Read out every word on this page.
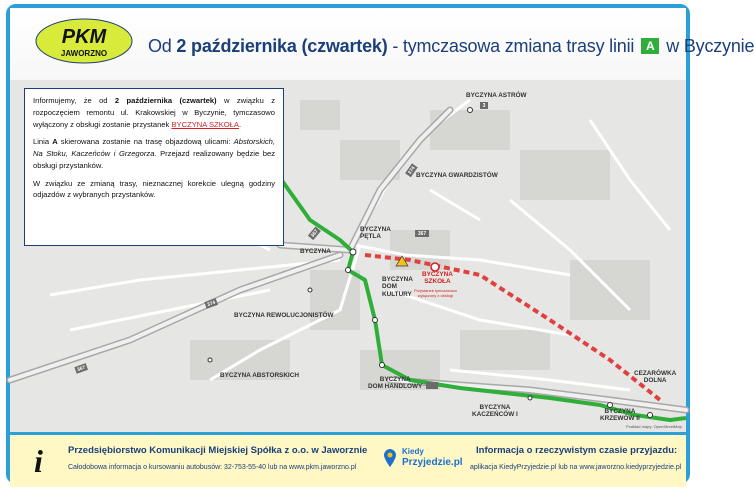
PKM
JAWORZNO Od 2 października (czwartek) - tymczasowa zmiana trasy linii A w Byczynie
374
374
367
367	367
3

Informujemy, że od 2 października (czwartek) w związku z rozpoczęciem remontu ul. Krakowskiej w Byczynie, tymczasowo wyłączony z obsługi zostanie przystanek BYCZYNA SZKOŁA.

Linia A skierowana zostanie na trasę objazdową ulicami: Abstorskich, Na Stoku, Kaczeńców i Grzegorza. Przejazd realizowany będzie bez obsługi przystanków.

W związku ze zmianą trasy, nieznacznej korekcie ulegną godziny odjazdów z wybranych przystanków.

BYCZYNA ASTRÓW
BYCZYNA GWARDZISTÓW
BYCZYNA
PĘTLA
BYCZYNA
BYCZYNA
DOM
KULTURY
BYCZYNA
SZKOŁA
Przystanek tymczasowo
wyłączony z obsługi
BYCZYNA REWOLUCJONISTÓW
BYCZYNA ABSTORSKICH
BYCZYNA
DOM HANDLOWY
BYCZYNA
KACZEŃCÓW I	BYCZYNA
KRZEWÓW II
CEZARÓWKA
DOLNA
Podkład mapy: OpenStreetMap
i	Przedsiębiorstwo Komunikacji Miejskiej Spółka z o.o. w Jaworznie
Całodobowa informacja o kursowaniu autobusów: 32-753-55-40 lub na www.pkm.jaworzno.pl
Kiedy
Przyjedzie.pl
Informacja o rzeczywistym czasie przyjazdu:
aplikacja KiedyPrzyjedzie.pl lub na www.jaworzno.kiedyprzyjedzie.pl
